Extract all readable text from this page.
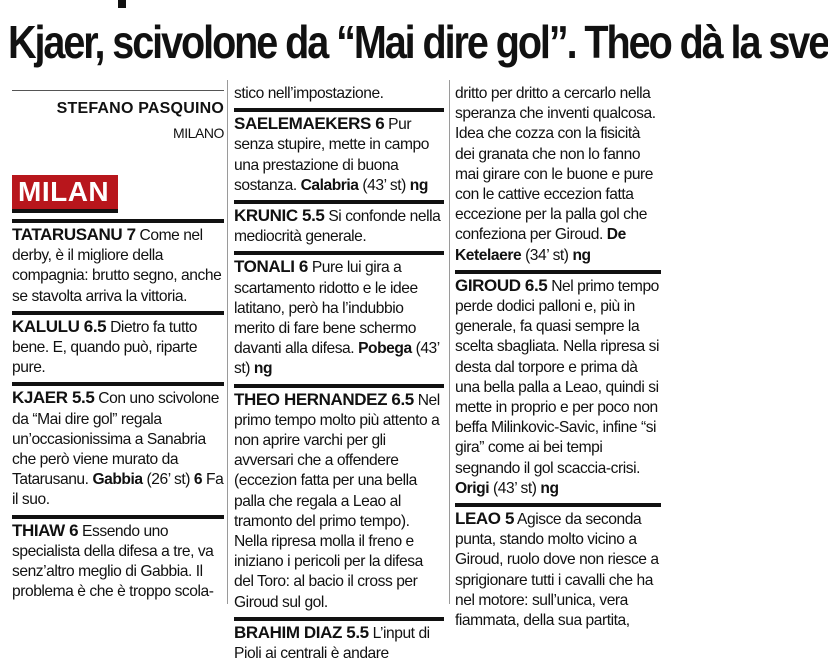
Kjaer, scivolone da “Mai dire gol”. Theo dà la sve
STEFANO PASQUINO
MILANO
MILAN

TATARUSANU 7 Come nel derby, è il migliore della compagnia: brutto segno, anche se stavolta arriva la vittoria.

KALULU 6.5 Dietro fa tutto bene. E, quando può, riparte pure.

KJAER 5.5 Con uno scivolone da “Mai dire gol” regala un’occasionissima a Sanabria che però viene murato da Tatarusanu. Gabbia (26’ st) 6 Fa il suo.

THIAW 6 Essendo uno specialista della difesa a tre, va senz’altro meglio di Gabbia. Il problema è che è troppo scola-

stico nell’impostazione.

SAELEMAEKERS 6 Pur senza stupire, mette in campo una prestazione di buona sostanza. Calabria (43’ st) ng

KRUNIC 5.5 Si confonde nella mediocrità generale.

TONALI 6 Pure lui gira a scartamento ridotto e le idee latitano, però ha l’indubbio merito di fare bene schermo davanti alla difesa. Pobega (43’ st) ng

THEO HERNANDEZ 6.5 Nel primo tempo molto più attento a non aprire varchi per gli avversari che a offendere (eccezion fatta per una bella palla che regala a Leao al tramonto del primo tempo). Nella ripresa molla il freno e iniziano i pericoli per la difesa del Toro: al bacio il cross per Giroud sul gol.

BRAHIM DIAZ 5.5 L’input di Pioli ai centrali è andare

dritto per dritto a cercarlo nella speranza che inventi qualcosa. Idea che cozza con la fisicità dei granata che non lo fanno mai girare con le buone e pure con le cattive eccezion fatta eccezione per la palla gol che confeziona per Giroud. De Ketelaere (34’ st) ng

GIROUD 6.5 Nel primo tempo perde dodici palloni e, più in generale, fa quasi sempre la scelta sbagliata. Nella ripresa si desta dal torpore e prima dà una bella palla a Leao, quindi si mette in proprio e per poco non beffa Milinkovic-Savic, infine “si gira” come ai bei tempi segnando il gol scaccia-crisi. Origi (43’ st) ng

LEAO 5 Agisce da seconda punta, stando molto vicino a Giroud, ruolo dove non riesce a sprigionare tutti i cavalli che ha nel motore: sull’unica, vera fiammata, della sua partita,
